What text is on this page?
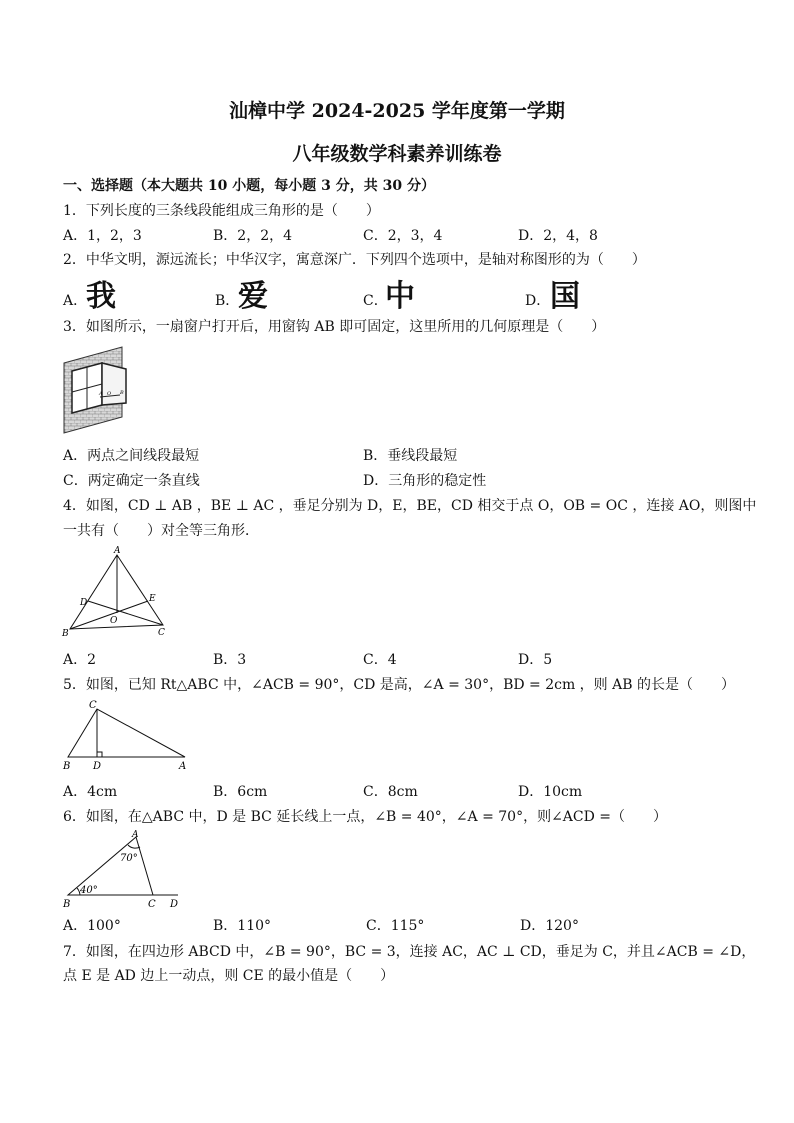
汕樟中学 2024-2025 学年度第一学期
八年级数学科素养训练卷
一、选择题（本大题共 10 小题，每小题 3 分，共 30 分）
1．下列长度的三条线段能组成三角形的是（　　）
A．1，2，3	B．2，2，4	C．2，3，4	D．2，4，8
2．中华文明，源远流长；中华汉字，寓意深广．下列四个选项中，是轴对称图形的为（　　）
A．
我	B．
爱	C．
中	D． 国
3．如图所示，一扇窗户打开后，用窗钩 AB 即可固定，这里所用的几何原理是（　　）
A O B
A．两点之间线段最短	B．垂线段最短
C．两定确定一条直线	D．三角形的稳定性
4．如图，CD ⊥ AB ，BE ⊥ AC ，垂足分别为 D，E，BE，CD 相交于点 O，OB = OC ，连接 AO，则图中
一共有（　　）对全等三角形．
A
D	E
O
B	C
A．2	B．3	C．4	D．5
5．如图，已知 Rt△ABC 中，∠ACB = 90°，CD 是高，∠A = 30°，BD = 2cm ，则 AB 的长是（　　）
C
B D	A
A．4cm	B．6cm	C．8cm	D．10cm
6．如图，在△ABC 中，D 是 BC 延长线上一点，∠B = 40°，∠A = 70°，则∠ACD =（　　）
A
70°
40°
B	C D
A．100°	B．110°	C．115°	D．120°
7．如图，在四边形 ABCD 中，∠B = 90°，BC = 3，连接 AC，AC ⊥ CD，垂足为 C，并且∠ACB = ∠D，
点 E 是 AD 边上一动点，则 CE 的最小值是（　　）
